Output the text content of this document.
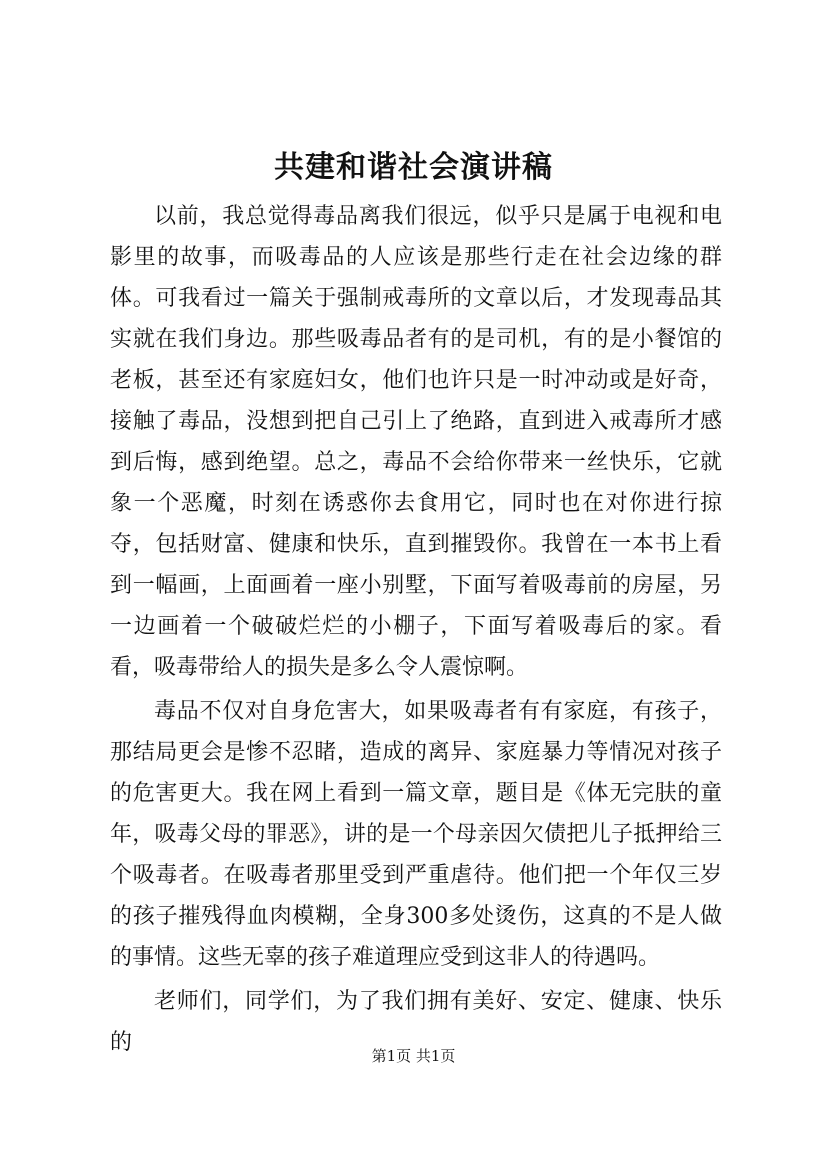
共建和谐社会演讲稿

以前，我总觉得毒品离我们很远，似乎只是属于电视和电影里的故事，而吸毒品的人应该是那些行走在社会边缘的群体。可我看过一篇关于强制戒毒所的文章以后，才发现毒品其实就在我们身边。那些吸毒品者有的是司机，有的是小餐馆的老板，甚至还有家庭妇女，他们也许只是一时冲动或是好奇，接触了毒品，没想到把自己引上了绝路，直到进入戒毒所才感到后悔，感到绝望。总之，毒品不会给你带来一丝快乐，它就象一个恶魔，时刻在诱惑你去食用它，同时也在对你进行掠夺，包括财富、健康和快乐，直到摧毁你。我曾在一本书上看到一幅画，上面画着一座小别墅，下面写着吸毒前的房屋，另一边画着一个破破烂烂的小棚子，下面写着吸毒后的家。看看，吸毒带给人的损失是多么令人震惊啊。

毒品不仅对自身危害大，如果吸毒者有有家庭，有孩子，那结局更会是惨不忍睹，造成的离异、家庭暴力等情况对孩子的危害更大。我在网上看到一篇文章，题目是《体无完肤的童年，吸毒父母的罪恶》，讲的是一个母亲因欠债把儿子抵押给三个吸毒者。在吸毒者那里受到严重虐待。他们把一个年仅三岁的孩子摧残得血肉模糊，全身300多处烫伤，这真的不是人做的事情。这些无辜的孩子难道理应受到这非人的待遇吗。

老师们，同学们，为了我们拥有美好、安定、健康、快乐的

第1页 共1页
